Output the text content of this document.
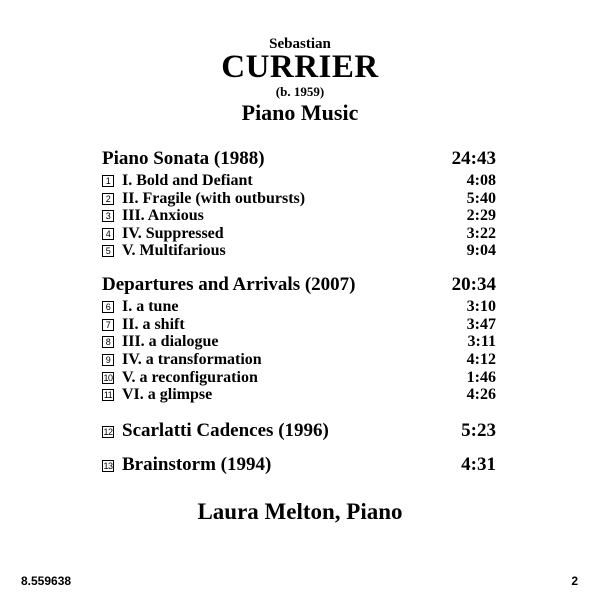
Sebastian
CURRIER
(b. 1959)
Piano Music
Piano Sonata (1988)	24:43
1 I. Bold and Defiant	4:08
2 II. Fragile (with outbursts)	5:40
3 III. Anxious	2:29
4 IV. Suppressed	3:22
5 V. Multifarious	9:04
Departures and Arrivals (2007)	20:34
6 I. a tune	3:10
7 II. a shift	3:47
8 III. a dialogue	3:11
9 IV. a transformation	4:12
10 V. a reconfiguration	1:46
11 VI. a glimpse	4:26
12 Scarlatti Cadences (1996)	5:23
13 Brainstorm (1994)	4:31
Laura Melton, Piano
8.559638	2
